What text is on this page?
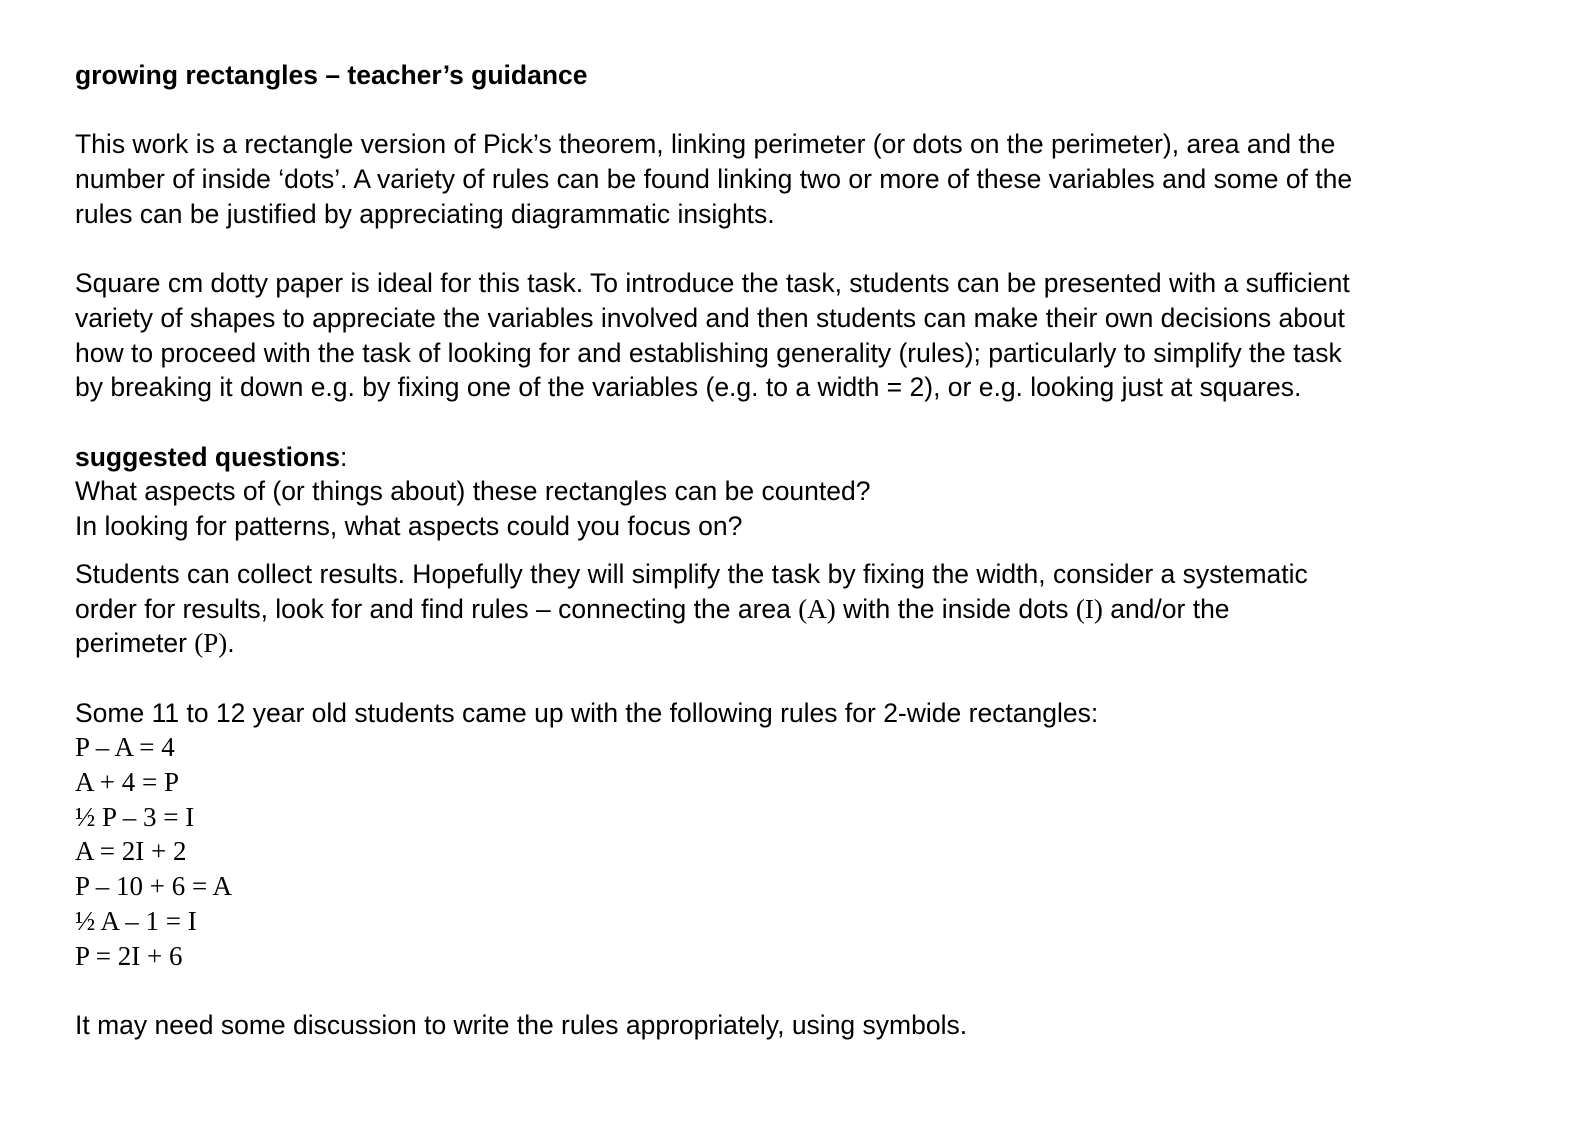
growing rectangles – teacher’s guidance
This work is a rectangle version of Pick’s theorem, linking perimeter (or dots on the perimeter), area and the
number of inside ‘dots’. A variety of rules can be found linking two or more of these variables and some of the
rules can be justified by appreciating diagrammatic insights.
Square cm dotty paper is ideal for this task. To introduce the task, students can be presented with a sufficient
variety of shapes to appreciate the variables involved and then students can make their own decisions about
how to proceed with the task of looking for and establishing generality (rules); particularly to simplify the task
by breaking it down e.g. by fixing one of the variables (e.g. to a width = 2), or e.g. looking just at squares.
suggested questions:
What aspects of (or things about) these rectangles can be counted?
In looking for patterns, what aspects could you focus on?
Students can collect results. Hopefully they will simplify the task by fixing the width, consider a systematic
order for results, look for and find rules – connecting the area (A) with the inside dots (I) and/or the
perimeter (P).
Some 11 to 12 year old students came up with the following rules for 2-wide rectangles:
P – A = 4
A + 4 = P
½ P – 3 = I
A = 2I + 2
P – 10 + 6 = A
½ A – 1 = I
P = 2I + 6
It may need some discussion to write the rules appropriately, using symbols.
